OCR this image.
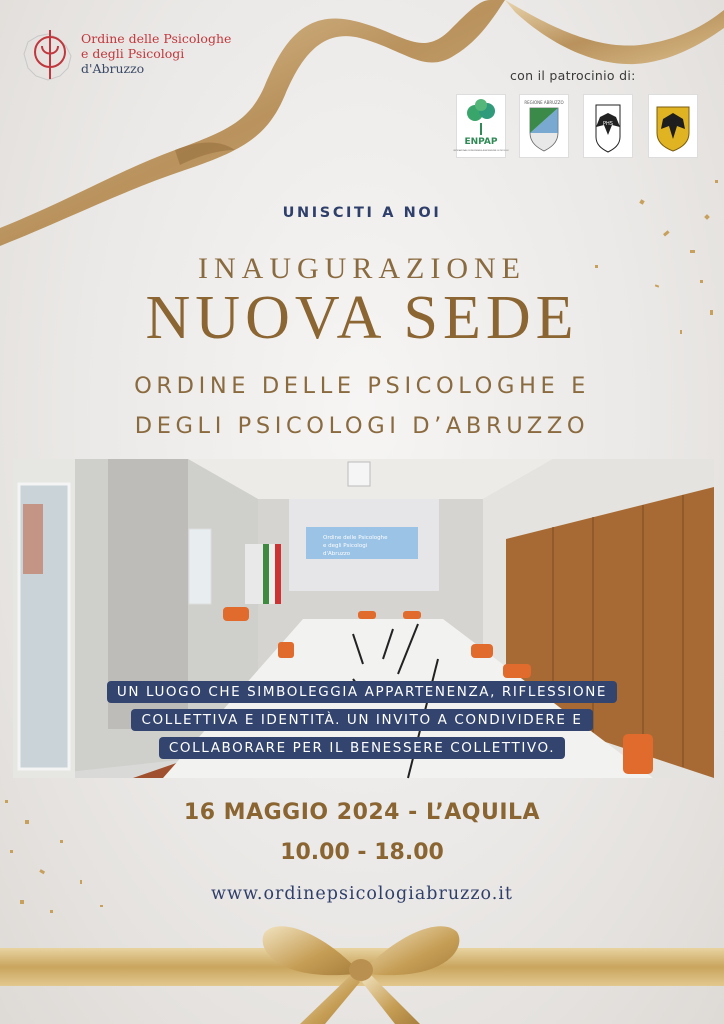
Ordine delle Psicologhe
e degli Psicologi
d'Abruzzo	con il patrocinio di:
ENPAP
ENTE NAZIONALE DI PREVIDENZA E ASSISTENZA PER GLI PSICOLOGI
REGIONE ABRUZZO
PHS
UNISCITI A NOI
INAUGURAZIONE
NUOVA SEDE
ORDINE DELLE PSICOLOGHE E
DEGLI PSICOLOGI D’ABRUZZO
Ordine delle Psicologhe
e degli Psicologi
d'Abruzzo
UN LUOGO CHE SIMBOLEGGIA APPARTENENZA, RIFLESSIONE
COLLETTIVA E IDENTITÀ. UN INVITO A CONDIVIDERE E
COLLABORARE PER IL BENESSERE COLLETTIVO.
16 MAGGIO 2024 - L’AQUILA
10.00 - 18.00
www.ordinepsicologiabruzzo.it
